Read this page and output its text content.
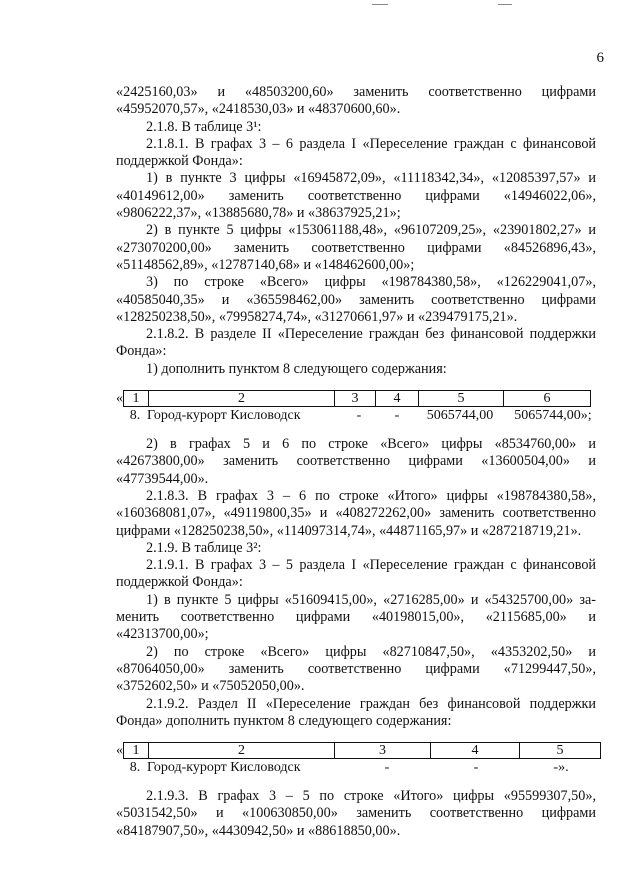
6

«2425160,03» и «48503200,60» заменить соответственно цифрами

«45952070,57», «2418530,03» и «48370600,60».

2.1.8. В таблице 3¹:

2.1.8.1. В графах 3 – 6 раздела I «Переселение граждан с финансовой

поддержкой Фонда»:

1) в пункте 3 цифры «16945872,09», «11118342,34», «12085397,57» и

«40149612,00» заменить соответственно цифрами «14946022,06»,

«9806222,37», «13885680,78» и «38637925,21»;

2) в пункте 5 цифры «153061188,48», «96107209,25», «23901802,27» и

«273070200,00» заменить соответственно цифрами «84526896,43»,

«51148562,89», «12787140,68» и «148462600,00»;

3) по строке «Всего» цифры «198784380,58», «126229041,07»,

«40585040,35» и «365598462,00» заменить соответственно цифрами

«128250238,50», «79958274,74», «31270661,97» и «239479175,21».

2.1.8.2. В разделе II «Переселение граждан без финансовой поддержки

Фонда»:

1) дополнить пунктом 8 следующего содержания:

« 1	2	3	4	5	6
8. Город-курорт Кисловодск	-	-	5065744,00	5065744,00»;

2) в графах 5 и 6 по строке «Всего» цифры «8534760,00» и

«42673800,00» заменить соответственно цифрами «13600504,00» и

«47739544,00».

2.1.8.3. В графах 3 – 6 по строке «Итого» цифры «198784380,58»,

«160368081,07», «49119800,35» и «408272262,00» заменить соответственно

цифрами «128250238,50», «114097314,74», «44871165,97» и «287218719,21».

2.1.9. В таблице 3²:

2.1.9.1. В графах 3 – 5 раздела I «Переселение граждан с финансовой

поддержкой Фонда»:

1) в пункте 5 цифры «51609415,00», «2716285,00» и «54325700,00» за-

менить соответственно цифрами «40198015,00», «2115685,00» и

«42313700,00»;

2) по строке «Всего» цифры «82710847,50», «4353202,50» и

«87064050,00» заменить соответственно цифрами «71299447,50»,

«3752602,50» и «75052050,00».

2.1.9.2. Раздел II «Переселение граждан без финансовой поддержки

Фонда» дополнить пунктом 8 следующего содержания:

« 1	2	3	4	5
8. Город-курорт Кисловодск	-	-	-».

2.1.9.3. В графах 3 – 5 по строке «Итого» цифры «95599307,50»,

«5031542,50» и «100630850,00» заменить соответственно цифрами

«84187907,50», «4430942,50» и «88618850,00».
